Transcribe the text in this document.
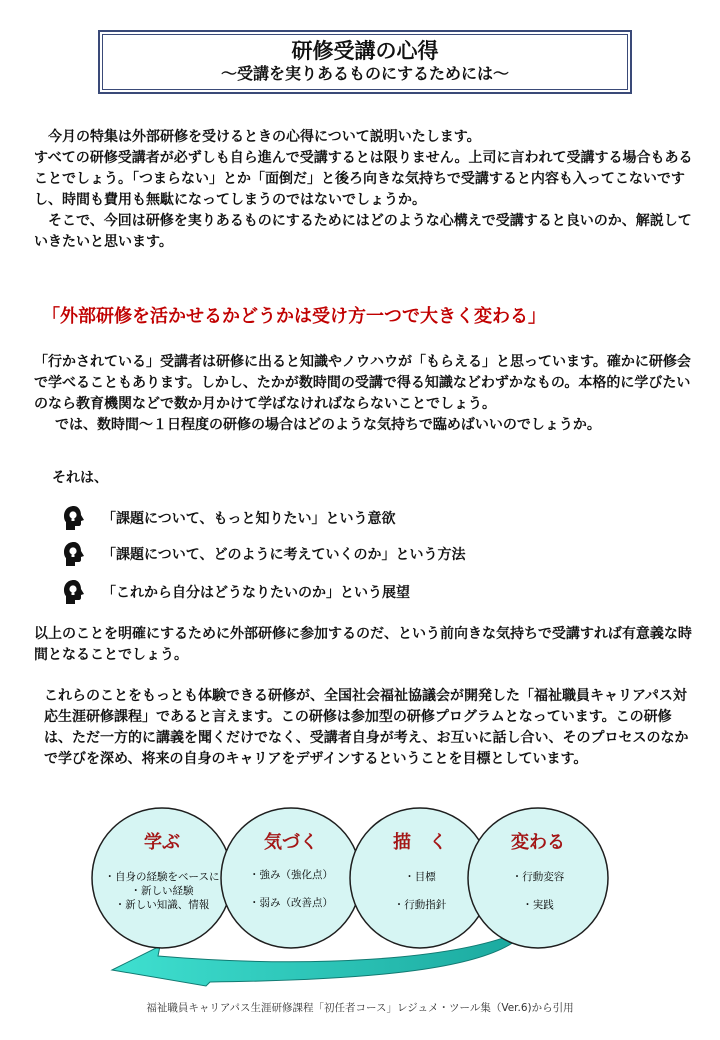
研修受講の心得
～受講を実りあるものにするためには～

今月の特集は外部研修を受けるときの心得について説明いたします。

すべての研修受講者が必ずしも自ら進んで受講するとは限りません。上司に言われて受講する場合もあることでしょう。「つまらない」とか「面倒だ」と後ろ向きな気持ちで受講すると内容も入ってこないですし、時間も費用も無駄になってしまうのではないでしょうか。

そこで、今回は研修を実りあるものにするためにはどのような心構えで受講すると良いのか、解説していきたいと思います。

「外部研修を活かせるかどうかは受け方一つで大きく変わる」

「行かされている」受講者は研修に出ると知識やノウハウが「もらえる」と思っています。確かに研修会で学べることもあります。しかし、たかが数時間の受講で得る知識などわずかなもの。本格的に学びたいのなら教育機関などで数か月かけて学ばなければならないことでしょう。

では、数時間～１日程度の研修の場合はどのような気持ちで臨めばいいのでしょうか。

それは、
「課題について、もっと知りたい」という意欲
「課題について、どのように考えていくのか」という方法
「これから自分はどうなりたいのか」という展望
以上のことを明確にするために外部研修に参加するのだ、という前向きな気持ちで受講すれば有意義な時間となることでしょう。
これらのことをもっとも体験できる研修が、全国社会福祉協議会が開発した「福祉職員キャリアパス対応生涯研修課程」であると言えます。この研修は参加型の研修プログラムとなっています。この研修は、ただ一方的に講義を聞くだけでなく、受講者自身が考え、お互いに話し合い、そのプロセスのなかで学びを深め、将来の自身のキャリアをデザインするということを目標としています。
学ぶ
・自身の経験をベースに
・新しい経験
・新しい知識、情報
気づく
・強み（強化点）
・弱み（改善点）
描　く
・目標
・行動指針
変わる
・行動変容
・実践
福祉職員キャリアパス生涯研修課程「初任者コース」レジュメ・ツール集（Ver.6)から引用
